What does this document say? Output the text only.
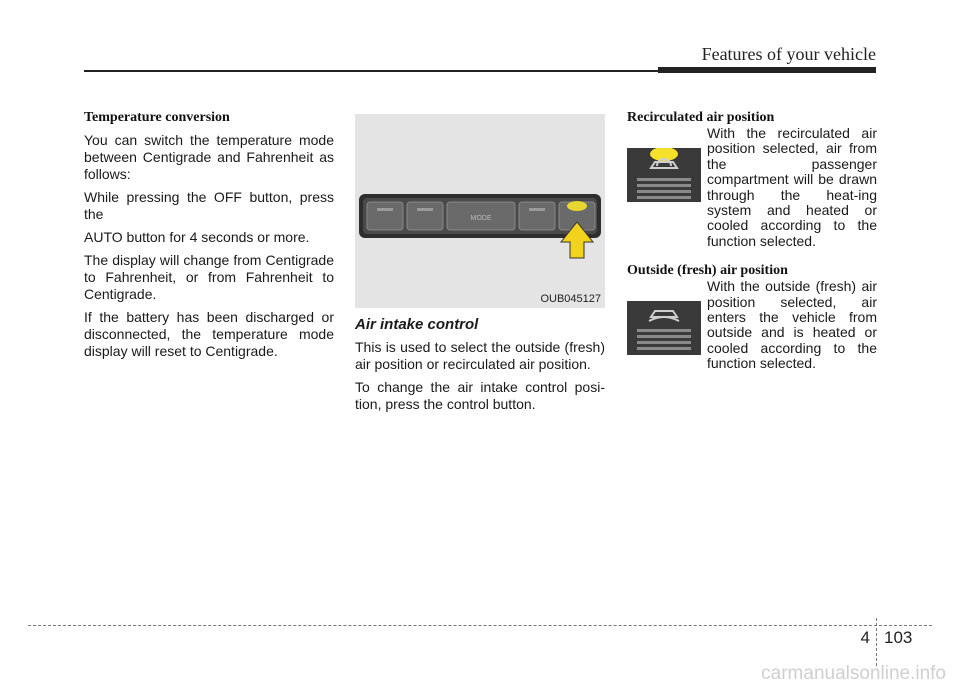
Features of your vehicle

Temperature conversion

You can switch the temperature mode between Centigrade and Fahrenheit as follows:

While pressing the OFF button, press the

AUTO button for 4 seconds or more.

The display will change from Centigrade to Fahrenheit, or from Fahrenheit to Centigrade.

If the battery has been discharged or disconnected, the temperature mode display will reset to Centigrade.

MODE
OUB045127
Air intake control

This is used to select the outside (fresh) air position or recirculated air position.

To change the air intake control posi-tion, press the control button.

Recirculated air position

With the recirculated air position selected, air from the passenger compartment will be drawn through the heat-ing system and heated or cooled according to the function selected.

Outside (fresh) air position

With the outside (fresh) air position selected, air enters the vehicle from outside and is heated or cooled according to the function selected.
4 103
carmanualsonline.info
